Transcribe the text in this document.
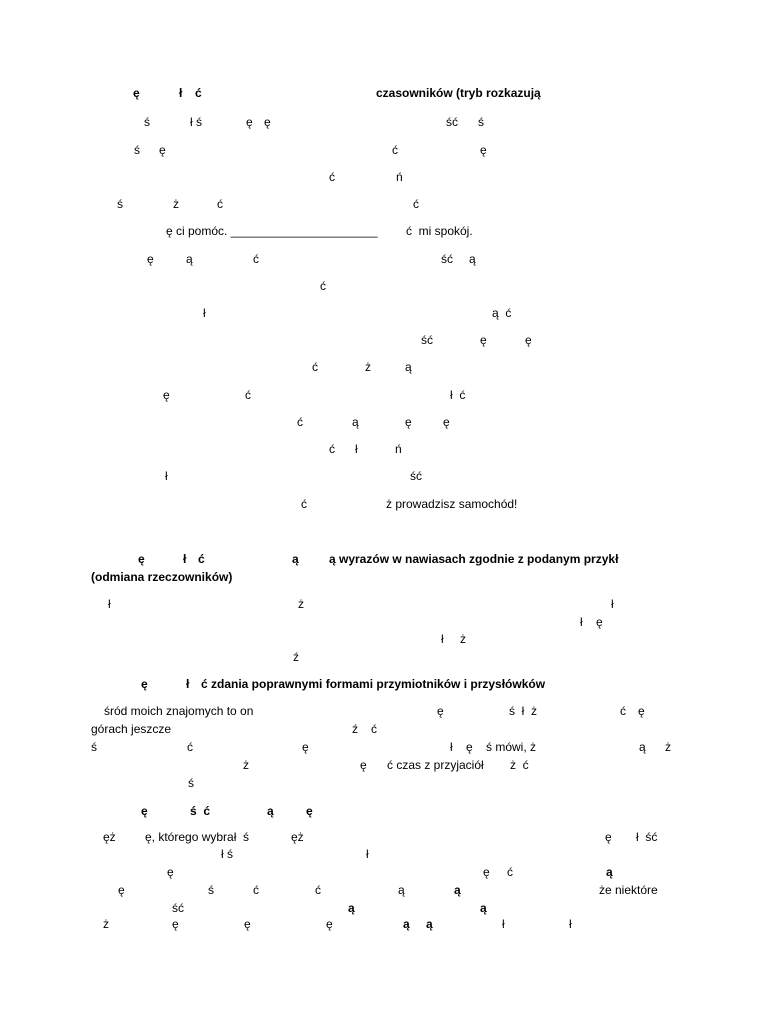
ę	ł ć	czasowników (tryb rozkazują
ś	ł ś	ę ę	ść ś
ś ę	ć	ę
ć	ń
ś	ż	ć	ć
ę ci pomóc. ______________________ ć  mi spokój.
ę	ą	ć	ść ą
ć
ł	ą  ć
ść	ę	ę
ć	ż	ą
ę	ć	ł  ć
ć	ą	ę	ę
ć ł	ń
ł	ść
ć	ż prowadzisz samochód!
ę	ł ć	ą	ą wyrazów w nawiasach zgodnie z podanym przykł
(odmiana rzeczowników)
ł	ż	ł
ł ę
ł ż
ź
ę	ł ć zdania poprawnymi formami przymiotników i przysłówków
śród moich znajomych to on	ę	ś  ł  ż	ć ę
górach jeszcze	ź ć
ś	ć	ę	ł ę ś mówi, ż	ą ż
ż	ę ć czas z przyjaciół ż  ć
ś
ę	ś  ć	ą	ę
ęż ę, którego wybrał  ś	ęż	ę ł  ść
ł ś	ł
ę	ę ć	ą
ę	ś	ć	ć	ą	ą	że niektóre
ść	ą	ą
ż	ę	ę	ę	ą ą	ł	ł
